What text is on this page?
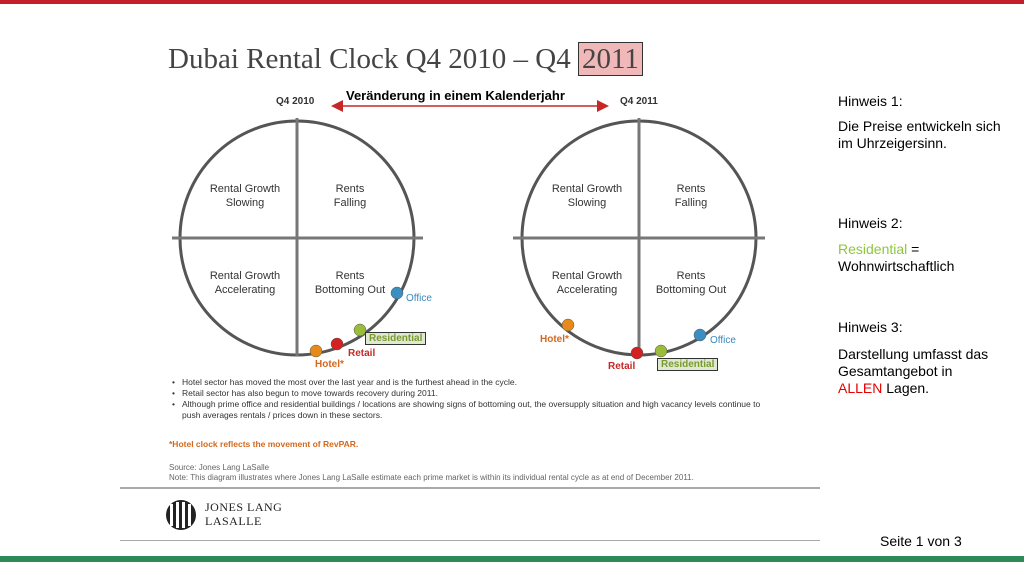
Dubai Rental Clock Q4 2010 – Q4 2011
Q4 2010	Q4 2011
Veränderung in einem Kalenderjahr
Rental Growth
Slowing
Rents
Falling
Rental Growth
Accelerating
Rents
Bottoming Out
Rental Growth
Slowing
Rents
Falling
Rental Growth
Accelerating
Rents
Bottoming Out
Office
Residential
Retail
Hotel*
Office
Residential
Retail
Hotel*
• Hotel sector has moved the most over the last year and is the furthest ahead in the cycle.
• Retail sector has also begun to move towards recovery during 2011.
• Although prime office and residential buildings / locations are showing signs of bottoming out, the oversupply situation and high vacancy levels continue to push averages rentals / prices down in these sectors.
*Hotel clock reflects the movement of RevPAR.
Source: Jones Lang LaSalle
Note: This diagram illustrates where Jones Lang LaSalle estimate each prime market is within its individual rental cycle as at end of December 2011.
JONES LANG
LASALLE
Hinweis 1:
Die Preise entwickeln sich im Uhrzeigersinn.
Hinweis 2:
Residential =
Wohnwirtschaftlich
Hinweis 3:
Darstellung umfasst das Gesamtangebot in ALLEN Lagen.
Seite 1 von 3
